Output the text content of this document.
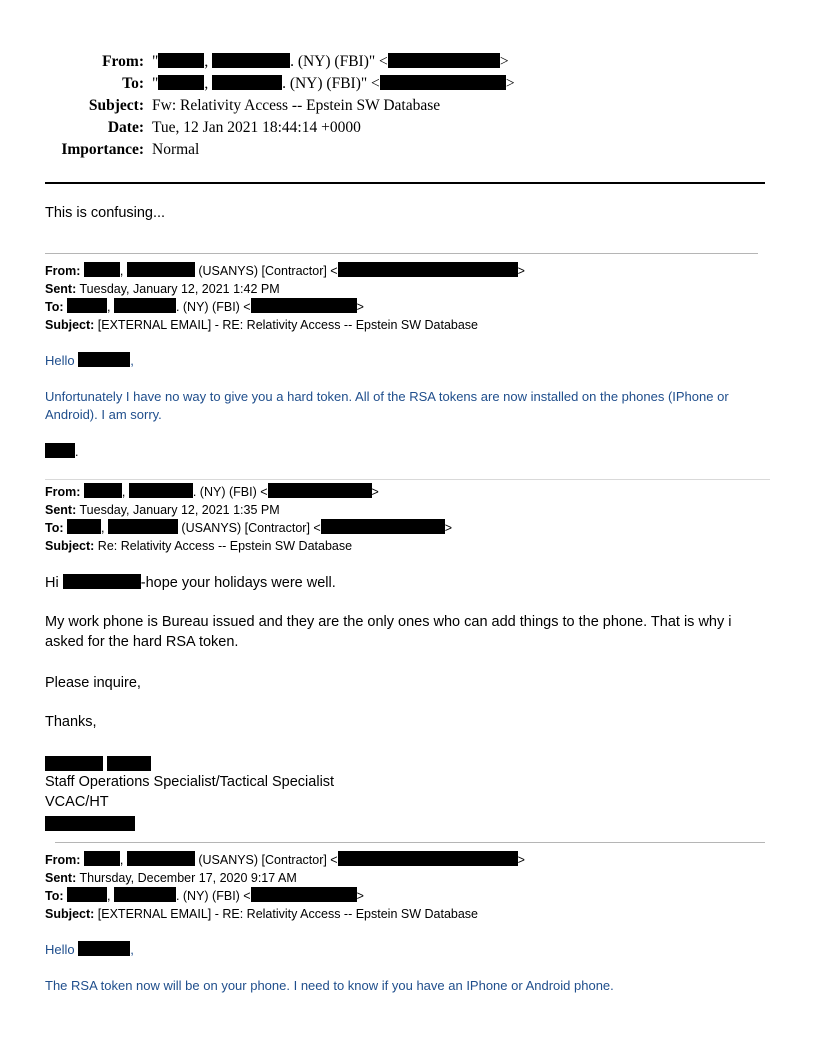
From: "	,	. (NY) (FBI)" <	>
To: "	,	. (NY) (FBI)" <	>
Subject: Fw: Relativity Access -- Epstein SW Database
Date: Tue, 12 Jan 2021 18:44:14 +0000
Importance: Normal
This is confusing...
From:	,	(USANYS) [Contractor] <	>
Sent: Tuesday, January 12, 2021 1:42 PM
To:	,	. (NY) (FBI) <	>
Subject: [EXTERNAL EMAIL] - RE: Relativity Access -- Epstein SW Database
Hello	,
Unfortunately I have no way to give you a hard token. All of the RSA tokens are now installed on the phones (IPhone or
Android). I am sorry.
.
From:	,	. (NY) (FBI) <	>
Sent: Tuesday, January 12, 2021 1:35 PM
To:	,	(USANYS) [Contractor] <	>
Subject: Re: Relativity Access -- Epstein SW Database
Hi	-hope your holidays were well.
My work phone is Bureau issued and they are the only ones who can add things to the phone. That is why i
asked for the hard RSA token.
Please inquire,
Thanks,

Staff Operations Specialist/Tactical Specialist
VCAC/HT
From:	,	(USANYS) [Contractor] <	>
Sent: Thursday, December 17, 2020 9:17 AM
To:	,	. (NY) (FBI) <	>
Subject: [EXTERNAL EMAIL] - RE: Relativity Access -- Epstein SW Database
Hello	,
The RSA token now will be on your phone. I need to know if you have an IPhone or Android phone.
